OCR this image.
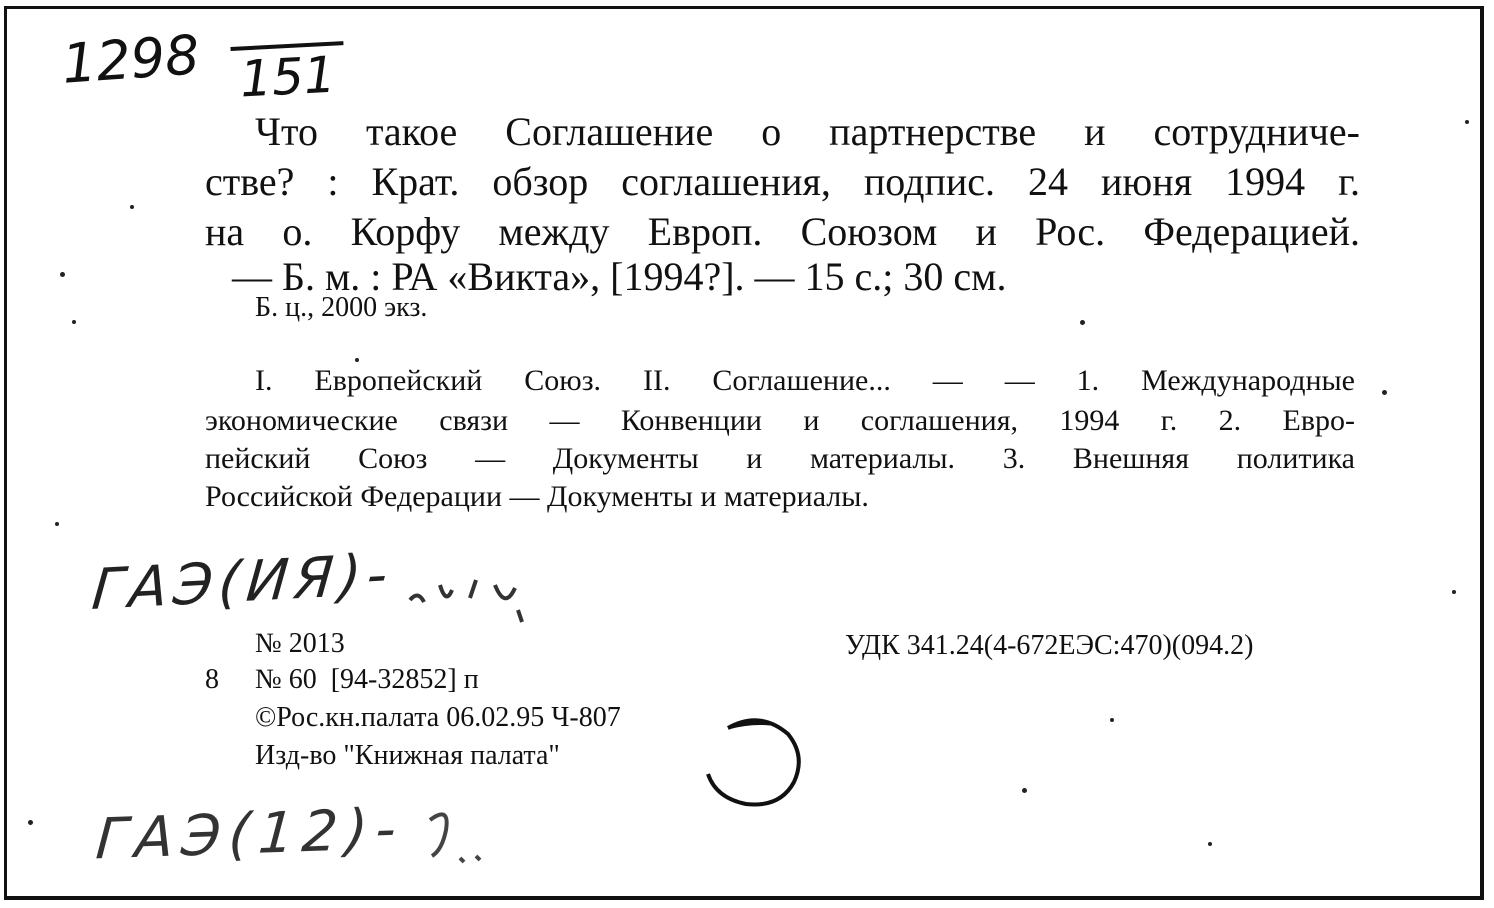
1298 151
Что такое Соглашение о партнерстве и сотрудниче-
стве? : Крат. обзор соглашения, подпис. 24 июня 1994 г.
на о. Корфу между Европ. Союзом и Рос. Федерацией.
— Б. м. : РА «Викта», [1994?]. — 15 с.; 30 см.
Б. ц., 2000 экз.
I. Европейский Союз. II. Соглашение... — — 1. Международные
экономические связи — Конвенции и соглашения, 1994 г. 2. Евро-
пейский Союз — Документы и материалы. 3. Внешняя политика
Российской Федерации — Документы и материалы.
ГАЭ(ИЯ)-
№ 2013
8 № 60  [94-32852] п
©Рос.кн.палата 06.02.95 Ч-807
Изд-во "Книжная палата"
УДК 341.24(4-672ЕЭС:470)(094.2)
ГАЭ(12)-
